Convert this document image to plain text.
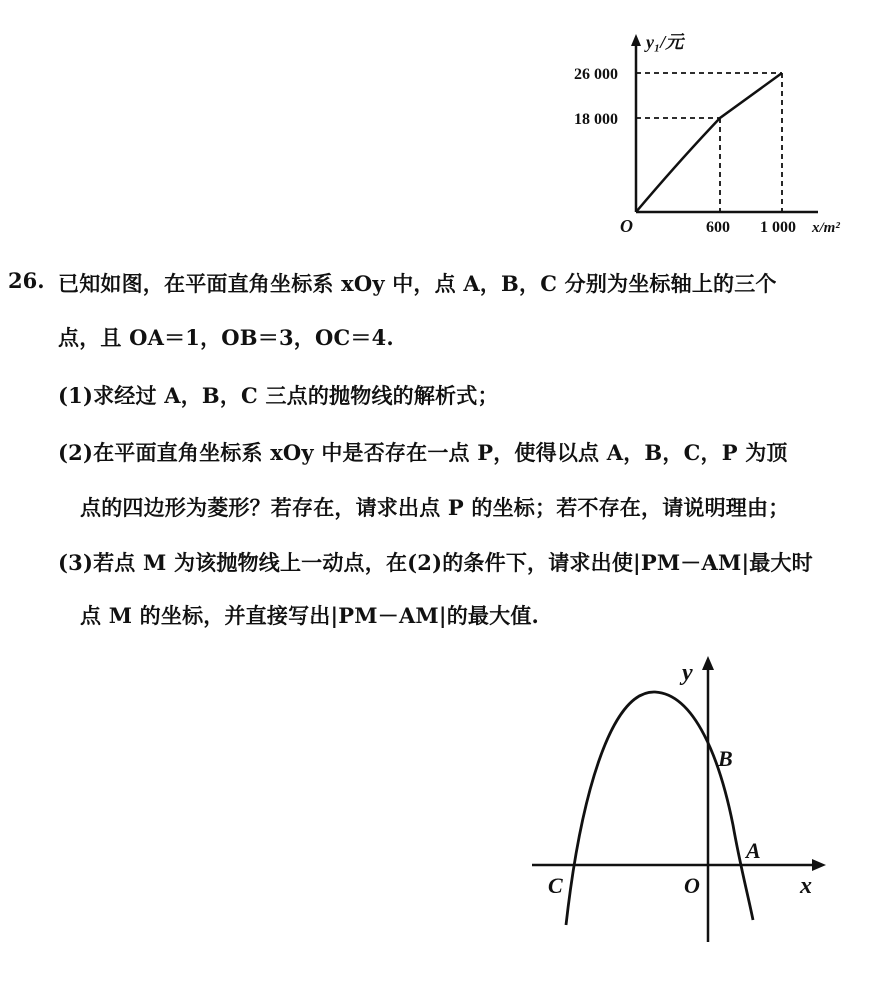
y₁/元
26 000
18 000
O	600 1 000 x/m²
26. 已知如图，在平面直角坐标系 xOy 中，点 A，B，C 分别为坐标轴上的三个
点，且 OA＝1，OB＝3，OC＝4.
(1)求经过 A，B，C 三点的抛物线的解析式；
(2)在平面直角坐标系 xOy 中是否存在一点 P，使得以点 A，B，C，P 为顶
点的四边形为菱形？若存在，请求出点 P 的坐标；若不存在，请说明理由；
(3)若点 M 为该抛物线上一动点，在(2)的条件下，请求出使|PM－AM|最大时
点 M 的坐标，并直接写出|PM－AM|的最大值.
y
B
A
C	O	x
